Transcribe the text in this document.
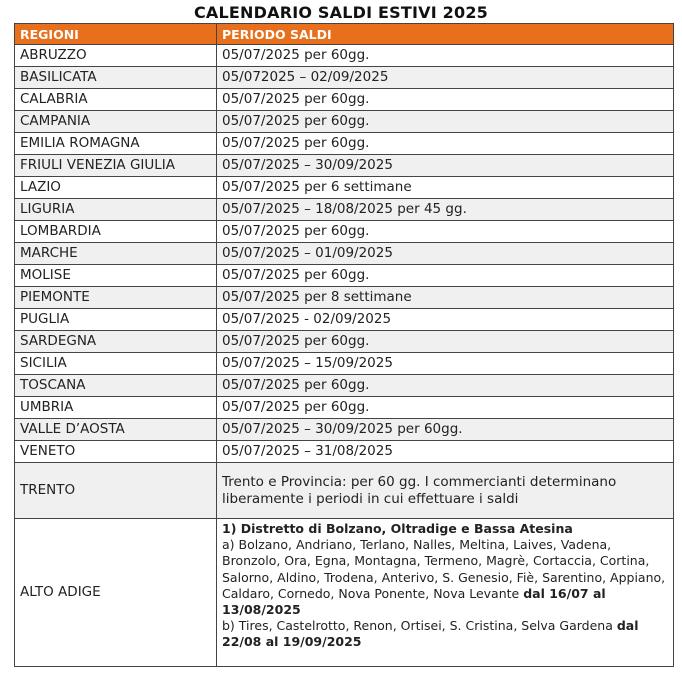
CALENDARIO SALDI ESTIVI 2025
REGIONI	PERIODO SALDI
ABRUZZO	05/07/2025 per 60gg.
BASILICATA	05/072025 – 02/09/2025
CALABRIA	05/07/2025 per 60gg.
CAMPANIA	05/07/2025 per 60gg.
EMILIA ROMAGNA	05/07/2025 per 60gg.
FRIULI VENEZIA GIULIA	05/07/2025 – 30/09/2025
LAZIO	05/07/2025 per 6 settimane
LIGURIA	05/07/2025 – 18/08/2025 per 45 gg.
LOMBARDIA	05/07/2025 per 60gg.
MARCHE	05/07/2025 – 01/09/2025
MOLISE	05/07/2025 per 60gg.
PIEMONTE	05/07/2025 per 8 settimane
PUGLIA	05/07/2025 - 02/09/2025
SARDEGNA	05/07/2025 per 60gg.
SICILIA	05/07/2025 – 15/09/2025
TOSCANA	05/07/2025 per 60gg.
UMBRIA	05/07/2025 per 60gg.
VALLE D’AOSTA	05/07/2025 – 30/09/2025 per 60gg.
VENETO	05/07/2025 – 31/08/2025
TRENTO	Trento e Provincia: per 60 gg. I commercianti determinano liberamente i periodi in cui effettuare i saldi
ALTO ADIGE	1) Distretto di Bolzano, Oltradige e Bassa Atesina
a) Bolzano, Andriano, Terlano, Nalles, Meltina, Laives, Vadena, Bronzolo, Ora, Egna, Montagna, Termeno, Magrè, Cortaccia, Cortina, Salorno, Aldino, Trodena, Anterivo, S. Genesio, Fiè, Sarentino, Appiano, Caldaro, Cornedo, Nova Ponente, Nova Levante dal 16/07 al 13/08/2025
b) Tires, Castelrotto, Renon, Ortisei, S. Cristina, Selva Gardena dal 22/08 al 19/09/2025
